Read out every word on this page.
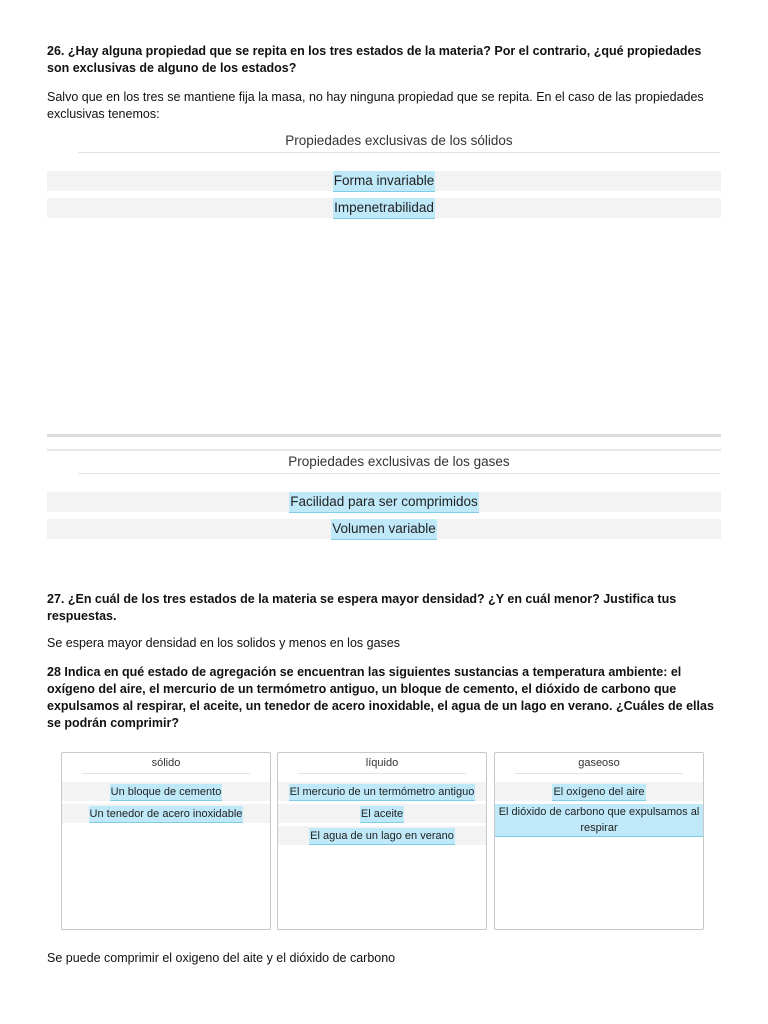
26. ¿Hay alguna propiedad que se repita en los tres estados de la materia? Por el contrario, ¿qué propiedades son exclusivas de alguno de los estados?

Salvo que en los tres se mantiene fija la masa, no hay ninguna propiedad que se repita. En el caso de las propiedades exclusivas tenemos:

Propiedades exclusivas de los sólidos
Forma invariable
Impenetrabilidad
Propiedades exclusivas de los gases
Facilidad para ser comprimidos
Volumen variable

27. ¿En cuál de los tres estados de la materia se espera mayor densidad? ¿Y en cuál menor? Justifica tus respuestas.

Se espera mayor densidad en los solidos y menos en los gases

28 Indica en qué estado de agregación se encuentran las siguientes sustancias a temperatura ambiente: el oxígeno del aire, el mercurio de un termómetro antiguo, un bloque de cemento, el dióxido de carbono que expulsamos al respirar, el aceite, un tenedor de acero inoxidable, el agua de un lago en verano. ¿Cuáles de ellas se podrán comprimir?

sólido
Un bloque de cemento
Un tenedor de acero inoxidable
líquido
El mercurio de un termómetro antiguo
El aceite
El agua de un lago en verano
gaseoso
El oxígeno del aire
El dióxido de carbono que expulsamos al respirar

Se puede comprimir el oxigeno del aite y el dióxido de carbono
